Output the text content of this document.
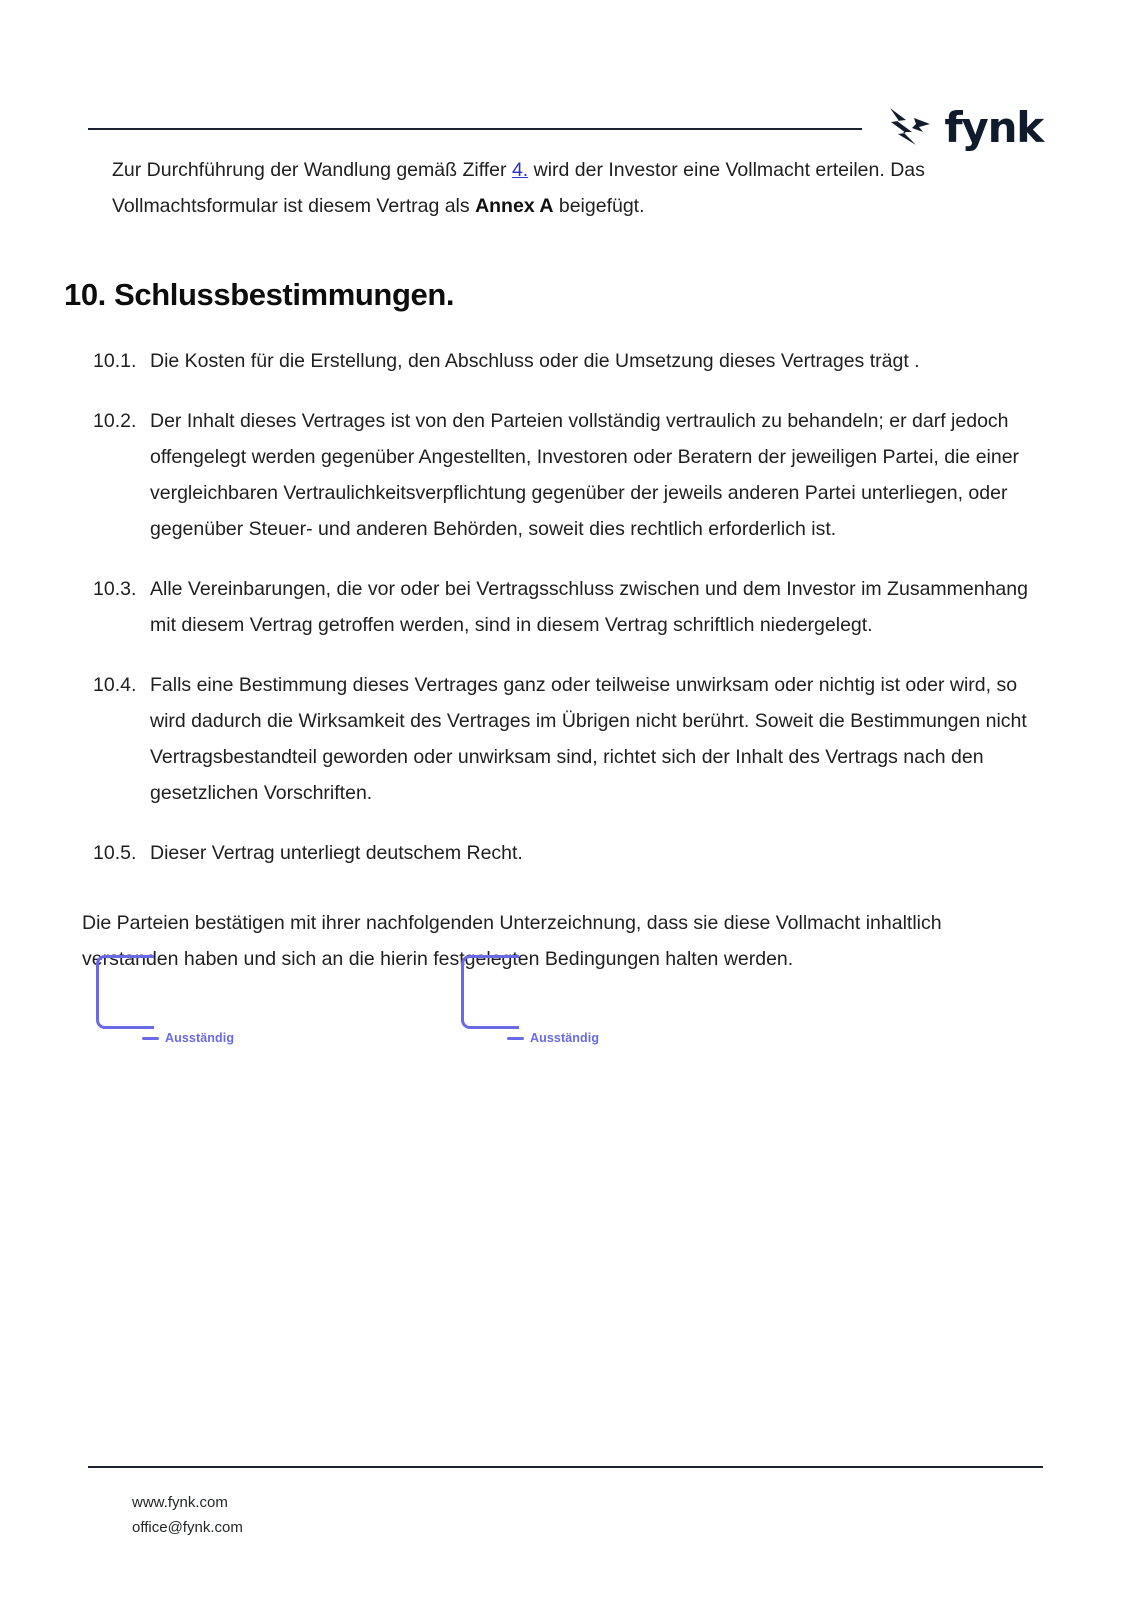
fynk

Zur Durchführung der Wandlung gemäß Ziffer 4. wird der Investor eine Vollmacht erteilen. Das Vollmachtsformular ist diesem Vertrag als Annex A beigefügt.

10. Schlussbestimmungen.
10.1. Die Kosten für die Erstellung, den Abschluss oder die Umsetzung dieses Vertrages trägt .
10.2. Der Inhalt dieses Vertrages ist von den Parteien vollständig vertraulich zu behandeln; er darf jedoch offengelegt werden gegenüber Angestellten, Investoren oder Beratern der jeweiligen Partei, die einer vergleichbaren Vertraulichkeitsverpflichtung gegenüber der jeweils anderen Partei unterliegen, oder gegenüber Steuer- und anderen Behörden, soweit dies rechtlich erforderlich ist.
10.3. Alle Vereinbarungen, die vor oder bei Vertragsschluss zwischen und dem Investor im Zusammenhang mit diesem Vertrag getroffen werden, sind in diesem Vertrag schriftlich niedergelegt.
10.4. Falls eine Bestimmung dieses Vertrages ganz oder teilweise unwirksam oder nichtig ist oder wird, so wird dadurch die Wirksamkeit des Vertrages im Übrigen nicht berührt. Soweit die Bestimmungen nicht Vertragsbestandteil geworden oder unwirksam sind, richtet sich der Inhalt des Vertrags nach den gesetzlichen Vorschriften.
10.5. Dieser Vertrag unterliegt deutschem Recht.

Die Parteien bestätigen mit ihrer nachfolgenden Unterzeichnung, dass sie diese Vollmacht inhaltlich verstanden haben und sich an die hierin festgelegten Bedingungen halten werden.

Ausständig	Ausständig
www.fynk.com
office@fynk.com
